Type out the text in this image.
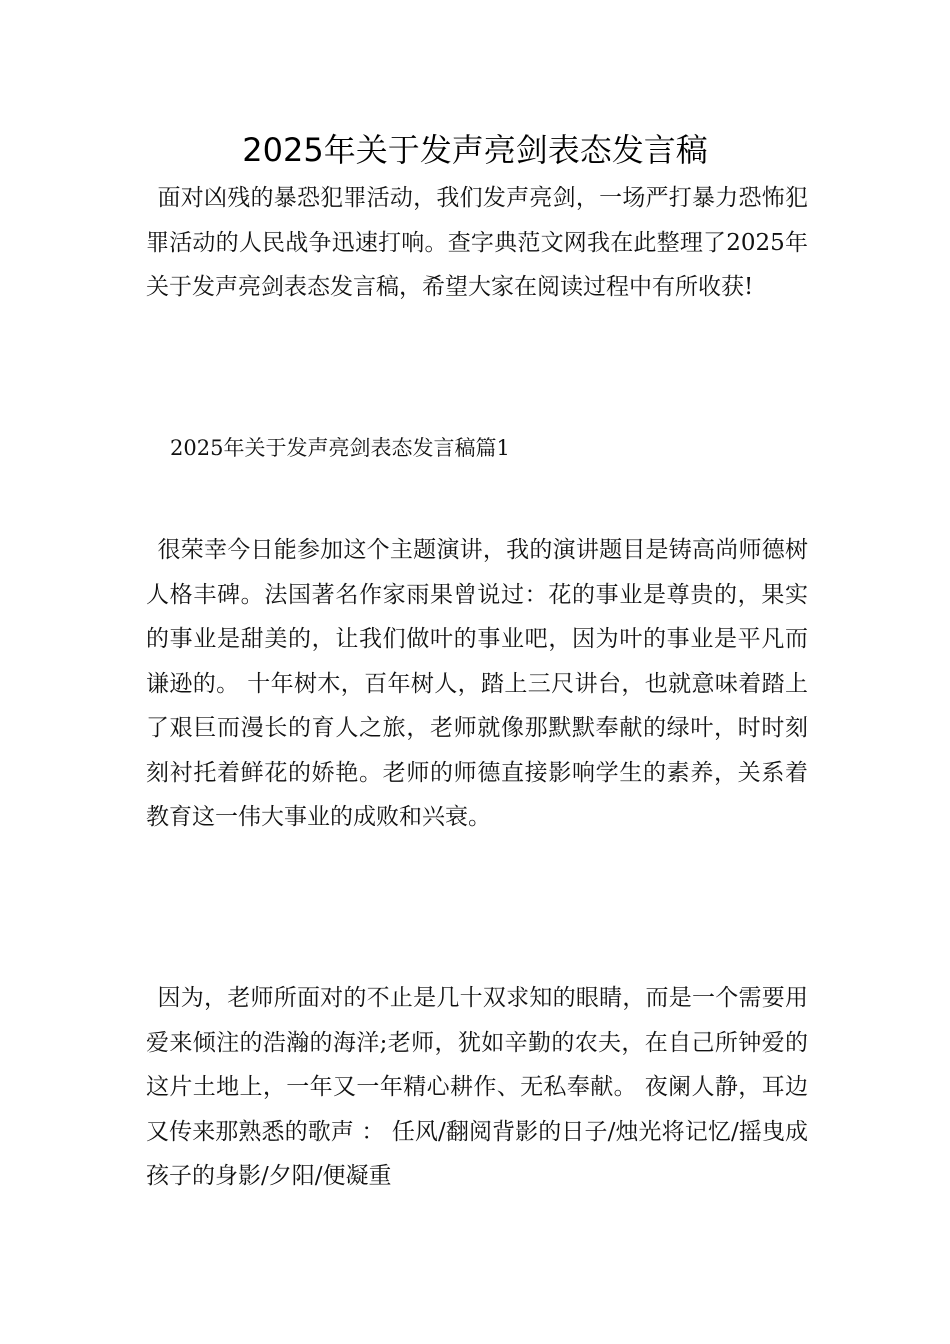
2025年关于发声亮剑表态发言稿

面对凶残的暴恐犯罪活动，我们发声亮剑，一场严打暴力恐怖犯罪活动的人民战争迅速打响。查字典范文网我在此整理了2025年关于发声亮剑表态发言稿，希望大家在阅读过程中有所收获!

2025年关于发声亮剑表态发言稿篇1

很荣幸今日能参加这个主题演讲，我的演讲题目是铸高尚师德树人格丰碑。法国著名作家雨果曾说过：花的事业是尊贵的，果实的事业是甜美的，让我们做叶的事业吧，因为叶的事业是平凡而谦逊的。 十年树木，百年树人，踏上三尺讲台，也就意味着踏上了艰巨而漫长的育人之旅，老师就像那默默奉献的绿叶，时时刻刻衬托着鲜花的娇艳。老师的师德直接影响学生的素养，关系着教育这一伟大事业的成败和兴衰。

因为，老师所面对的不止是几十双求知的眼睛，而是一个需要用爱来倾注的浩瀚的海洋;老师，犹如辛勤的农夫，在自己所钟爱的这片土地上，一年又一年精心耕作、无私奉献。 夜阑人静，耳边又传来那熟悉的歌声 ： 任风/翻阅背影的日子/烛光将记忆/摇曳成孩子的身影/夕阳/便凝重
